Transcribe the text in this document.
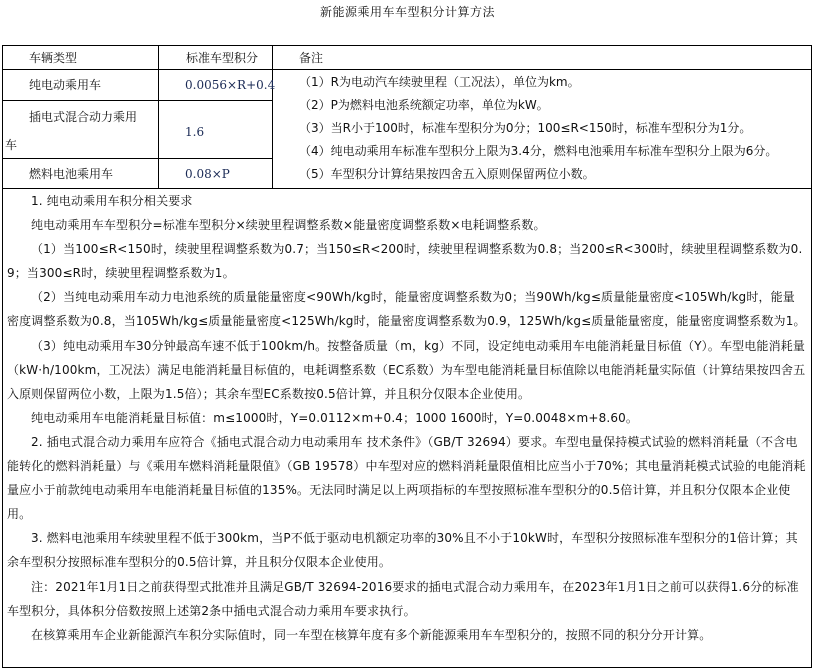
新能源乘用车车型积分计算方法
车辆类型	标准车型积分	备注
纯电动乘用车
插电式混合动力乘用
车
燃料电池乘用车
0.0056×R+0.4
1.6
0.08×P
（1）R为电动汽车续驶里程（工况法），单位为km。
（2）P为燃料电池系统额定功率，单位为kW。
（3）当R小于100时，标准车型积分为0分；100≤R<150时，标准车型积分为1分。
（4）纯电动乘用车标准车型积分上限为3.4分，燃料电池乘用车标准车型积分上限为6分。
（5）车型积分计算结果按四舍五入原则保留两位小数。

1. 纯电动乘用车积分相关要求

纯电动乘用车车型积分=标准车型积分×续驶里程调整系数×能量密度调整系数×电耗调整系数。

（1）当100≤R<150时，续驶里程调整系数为0.7；当150≤R<200时，续驶里程调整系数为0.8；当200≤R<300时，续驶里程调整系数为0.9；当300≤R时，续驶里程调整系数为1。

（2）当纯电动乘用车动力电池系统的质量能量密度<90Wh/kg时，能量密度调整系数为0；当90Wh/kg≤质量能量密度<105Wh/kg时，能量密度调整系数为0.8，当105Wh/kg≤质量能量密度<125Wh/kg时，能量密度调整系数为0.9，125Wh/kg≤质量能量密度，能量密度调整系数为1。

（3）纯电动乘用车30分钟最高车速不低于100km/h。按整备质量（m，kg）不同，设定纯电动乘用车电能消耗量目标值（Y）。车型电能消耗量（kW·h/100km，工况法）满足电能消耗量目标值的，电耗调整系数（EC系数）为车型电能消耗量目标值除以电能消耗量实际值（计算结果按四舍五入原则保留两位小数，上限为1.5倍）；其余车型EC系数按0.5倍计算，并且积分仅限本企业使用。

纯电动乘用车电能消耗量目标值：m≤1000时，Y=0.0112×m+0.4；1000 1600时，Y=0.0048×m+8.60。

2. 插电式混合动力乘用车应符合《插电式混合动力电动乘用车 技术条件》（GB/T 32694）要求。车型电量保持模式试验的燃料消耗量（不含电能转化的燃料消耗量）与《乘用车燃料消耗量限值》（GB 19578）中车型对应的燃料消耗量限值相比应当小于70%；其电量消耗模式试验的电能消耗量应小于前款纯电动乘用车电能消耗量目标值的135%。无法同时满足以上两项指标的车型按照标准车型积分的0.5倍计算，并且积分仅限本企业使用。

3. 燃料电池乘用车续驶里程不低于300km，当P不低于驱动电机额定功率的30%且不小于10kW时，车型积分按照标准车型积分的1倍计算；其余车型积分按照标准车型积分的0.5倍计算，并且积分仅限本企业使用。

注：2021年1月1日之前获得型式批准并且满足GB/T 32694-2016要求的插电式混合动力乘用车，在2023年1月1日之前可以获得1.6分的标准车型积分，具体积分倍数按照上述第2条中插电式混合动力乘用车要求执行。

在核算乘用车企业新能源汽车积分实际值时，同一车型在核算年度有多个新能源乘用车车型积分的，按照不同的积分分开计算。
